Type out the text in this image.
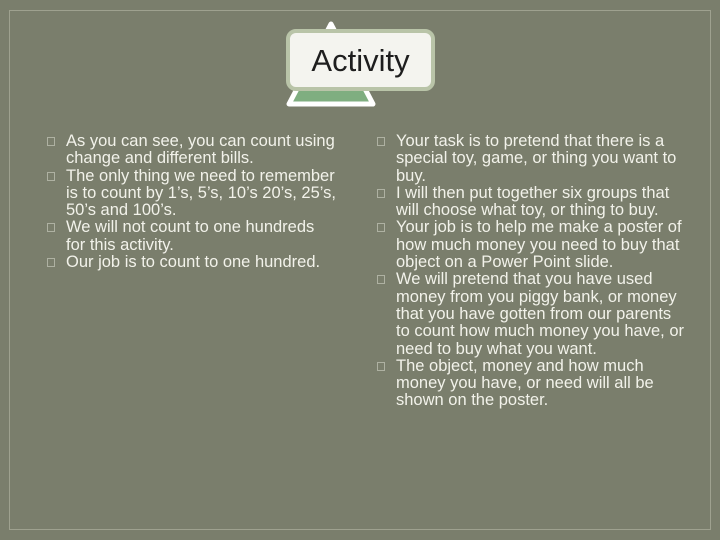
Activity
As you can see, you can count using change and different bills.
The only thing we need to remember is to count by 1’s, 5’s, 10’s 20’s, 25’s, 50’s and 100’s.
We will not count to one hundreds for this activity.
Our job is to count to one hundred.
Your task is to pretend that there is a special toy, game, or thing you want to buy.
I will then put together six groups that will choose what toy, or thing to buy.
Your job is to help me make a poster of how much money you need to buy that object on a Power Point slide.
We will pretend that you have used money from you piggy bank, or money that you have gotten from our parents to count how much money you have, or need to buy what you want.
The object, money and how much money you have, or need will all be shown on the poster.
